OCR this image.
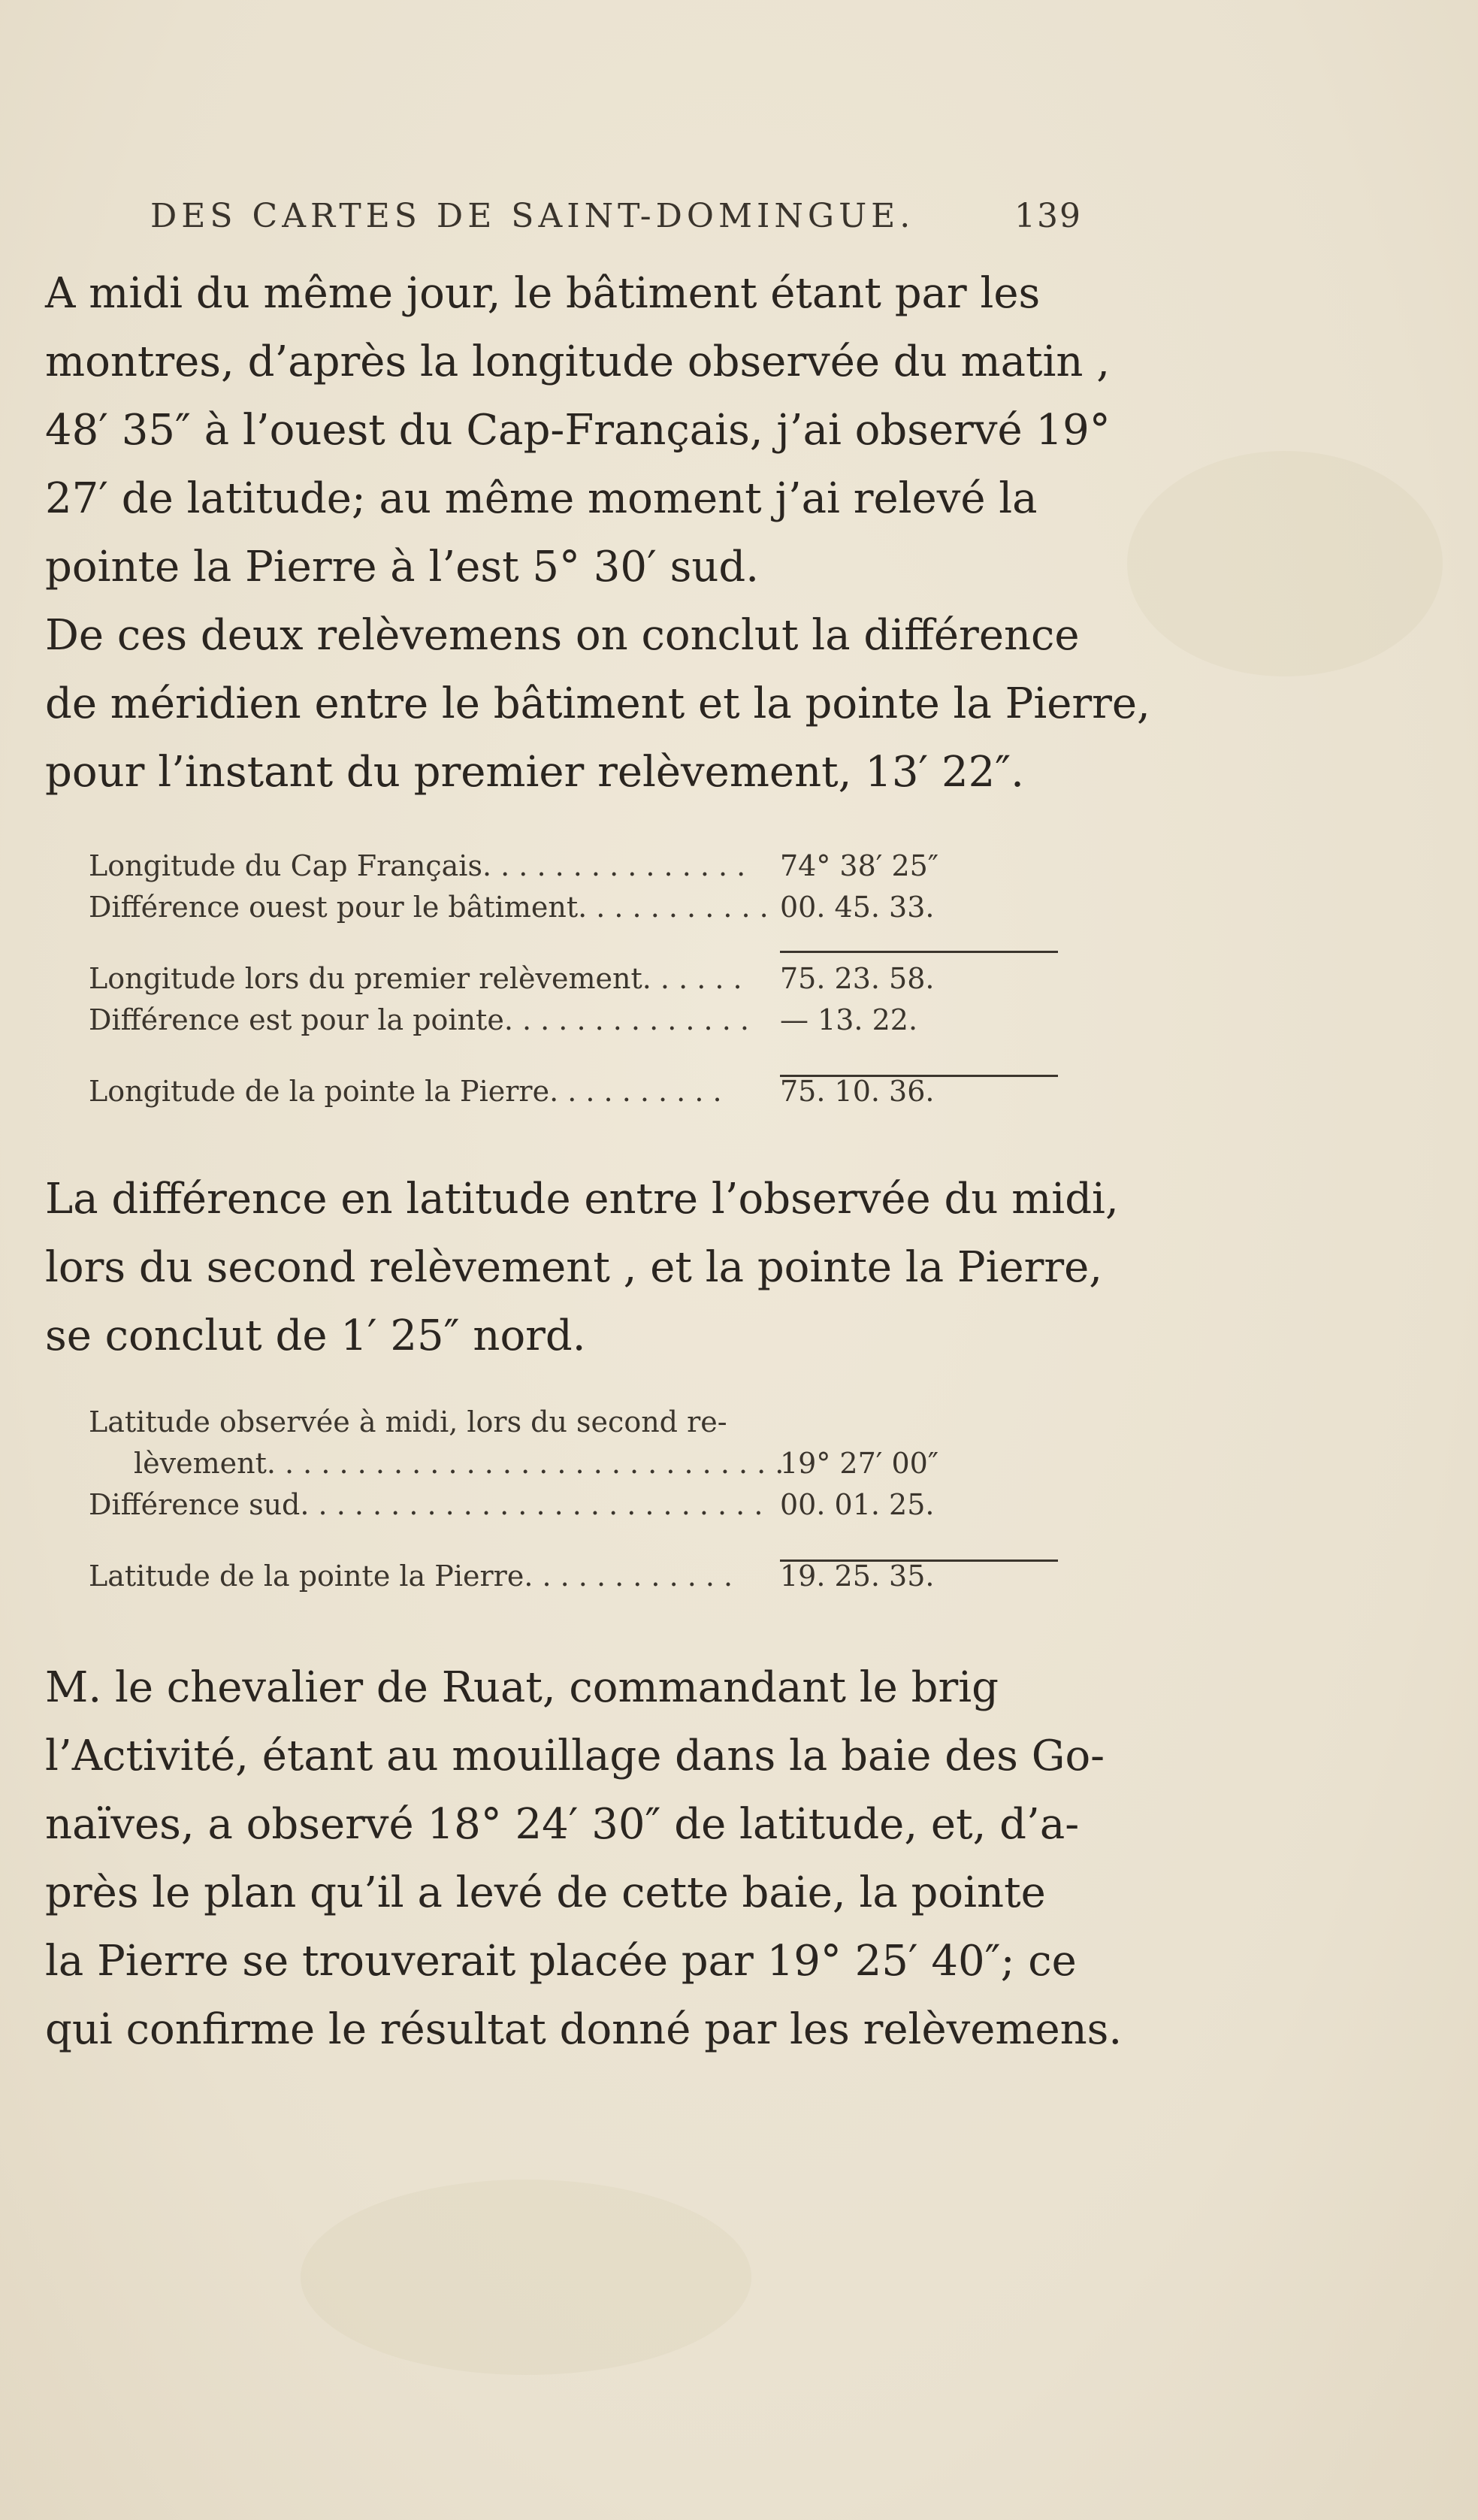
DES CARTES DE SAINT-DOMINGUE.	139
A midi du même jour, le bâtiment étant par les
montres, d’après la longitude observée du matin ,
48′ 35″ à l’ouest du Cap-Français, j’ai observé 19°
27′ de latitude; au même moment j’ai relevé la
pointe la Pierre à l’est 5° 30′ sud.
De ces deux relèvemens on conclut la différence
de méridien entre le bâtiment et la pointe la Pierre,
pour l’instant du premier relèvement, 13′ 22″.
Longitude du Cap Français. . . . . . . . . . . . . . . 74° 38′ 25″
Différence ouest pour le bâtiment. . . . . . . . . . . 00. 45. 33.
Longitude lors du premier relèvement. . . . . . 75. 23. 58.
Différence est pour la pointe. . . . . . . . . . . . . . — 13. 22.
Longitude de la pointe la Pierre. . . . . . . . . . 75. 10. 36.
La différence en latitude entre l’observée du midi,
lors du second relèvement , et la pointe la Pierre,
se conclut de 1′ 25″ nord.
Latitude observée à midi, lors du second re-
lèvement. . . . . . . . . . . . . . . . . . . . . . . . . . . . .
19° 27′ 00″
Différence sud. . . . . . . . . . . . . . . . . . . . . . . . . . 00. 01. 25.
Latitude de la pointe la Pierre. . . . . . . . . . . . 19. 25. 35.
M. le chevalier de Ruat, commandant le brig
l’Activité, étant au mouillage dans la baie des Go-
naïves, a observé 18° 24′ 30″ de latitude, et, d’a-
près le plan qu’il a levé de cette baie, la pointe
la Pierre se trouverait placée par 19° 25′ 40″; ce
qui confirme le résultat donné par les relèvemens.
